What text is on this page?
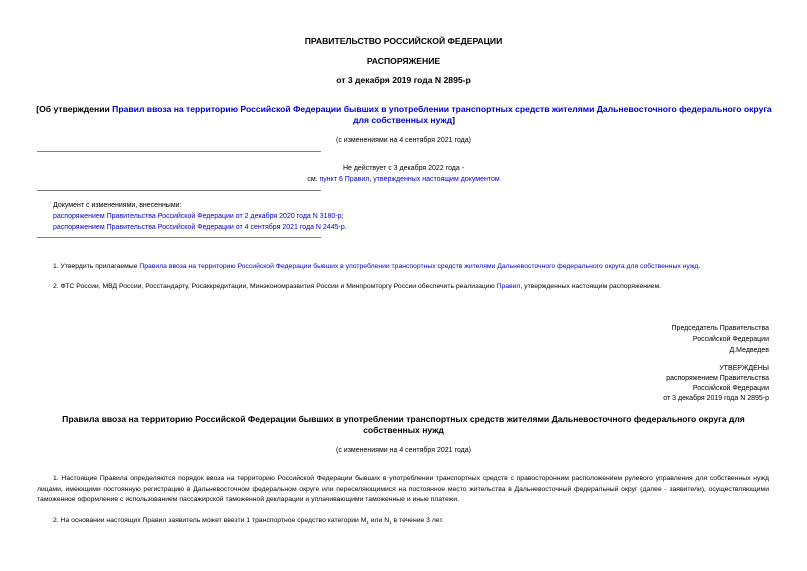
ПРАВИТЕЛЬСТВО РОССИЙСКОЙ ФЕДЕРАЦИИ
РАСПОРЯЖЕНИЕ
от 3 декабря 2019 года N 2895-р
[Об утверждении Правил ввоза на территорию Российской Федерации бывших в употреблении транспортных средств жителями Дальневосточного федерального округа для собственных нужд]
(с изменениями на 4 сентября 2021 года)
Не действует с 3 декабря 2022 года -
см. пункт 6 Правил, утвержденных настоящим документом
Документ с изменениями, внесенными:
распоряжением Правительства Российской Федерации от 2 декабря 2020 года N 3180-р;
распоряжением Правительства Российской Федерации от 4 сентября 2021 года N 2445-р.
1. Утвердить прилагаемые Правила ввоза на территорию Российской Федерации бывших в употреблении транспортных средств жителями Дальневосточного федерального округа для собственных нужд.
2. ФТС России, МВД России, Росстандарту, Росаккредитации, Минэкономразвития России и Минпромторгу России обеспечить реализацию Правил, утвержденных настоящим распоряжением.
Председатель Правительства
Российской Федерации
Д.Медведев
УТВЕРЖДЕНЫ
распоряжением Правительства
Российской Федерации
от 3 декабря 2019 года N 2895-р
Правила ввоза на территорию Российской Федерации бывших в употреблении транспортных средств жителями Дальневосточного федерального округа для собственных нужд
(с изменениями на 4 сентября 2021 года)
1. Настоящие Правила определяются порядок ввоза на территорию Российской Федерации бывших в употреблении транспортных средств с правосторонним расположением рулевого управления для собственных нужд лицами, имеющими постоянную регистрацию в Дальневосточном федеральном округе или переселяющимися на постоянное место жительства в Дальневосточный федеральный округ (далее - заявители), осуществляющими таможенное оформление с использованием пассажирской таможенной декларации и уплачивающими таможенные и иные платежи.
2. На основании настоящих Правил заявитель может ввезти 1 транспортное средство категории $M_1$ или $N_1$ в течение 3 лет.
